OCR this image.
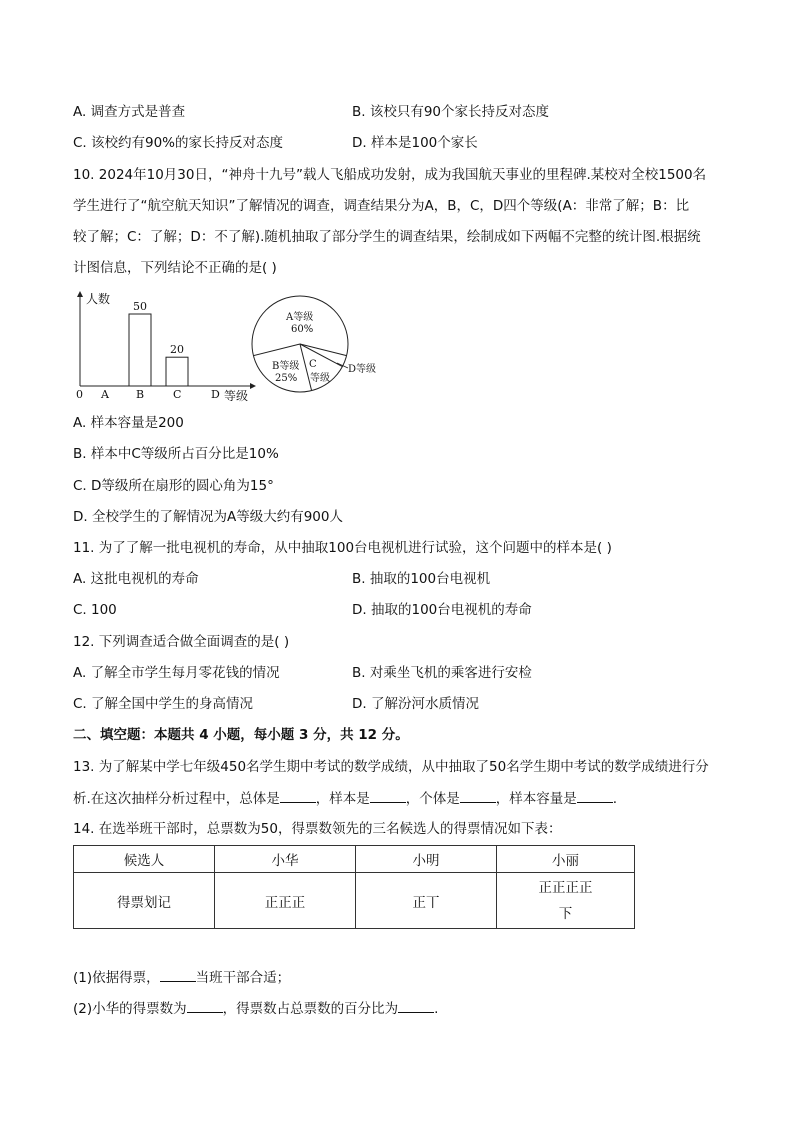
A. 调查方式是普查	B. 该校只有90个家长持反对态度
C. 该校约有90%的家长持反对态度	D. 样本是100个家长
10. 2024年10月30日，“神舟十九号”载人飞船成功发射，成为我国航天事业的里程碑.某校对全校1500名
学生进行了“航空航天知识”了解情况的调查，调查结果分为A，B，C，D四个等级(A：非常了解；B：比
较了解；C：了解；D：不了解).随机抽取了部分学生的调查结果，绘制成如下两幅不完整的统计图.根据统
计图信息，下列结论不正确的是( )
人数
等级
0 A B	C	D
50
20
A等级
60%
B等级
25%
C
等级
D等级
A. 样本容量是200
B. 样本中C等级所占百分比是10%
C. D等级所在扇形的圆心角为15°
D. 全校学生的了解情况为A等级大约有900人
11. 为了了解一批电视机的寿命，从中抽取100台电视机进行试验，这个问题中的样本是( )
A. 这批电视机的寿命	B. 抽取的100台电视机
C. 100	D. 抽取的100台电视机的寿命
12. 下列调查适合做全面调查的是( )
A. 了解全市学生每月零花钱的情况	B. 对乘坐飞机的乘客进行安检
C. 了解全国中学生的身高情况	D. 了解汾河水质情况
二、填空题：本题共 4 小题，每小题 3 分，共 12 分。
13. 为了解某中学七年级450名学生期中考试的数学成绩，从中抽取了50名学生期中考试的数学成绩进行分
析.在这次抽样分析过程中，总体是	，样本是	，个体是	，样本容量是	.
14. 在选举班干部时，总票数为50，得票数领先的三名候选人的得票情况如下表：
候选人	小华	小明	小丽
得票划记	正正正	正丅	正正正正
下
(1)依据得票，	当班干部合适；
(2)小华的得票数为	，得票数占总票数的百分比为	.
